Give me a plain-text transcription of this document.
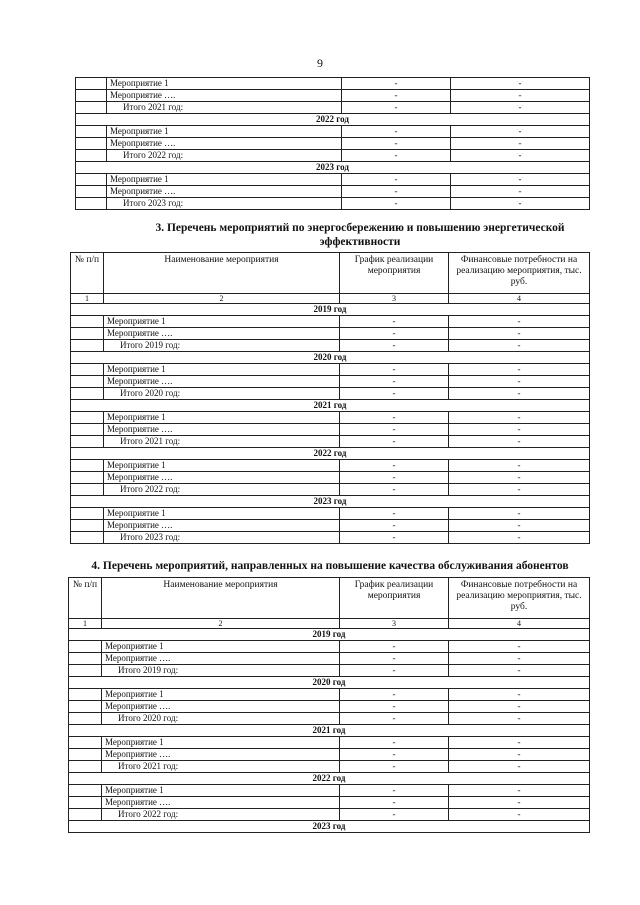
9
	Мероприятие 1	-	-
	Мероприятие ….	-	-
	Итого 2021 год:	-	-
2022 год			
	Мероприятие 1	-	-
	Мероприятие ….	-	-
	Итого 2022 год:	-	-
2023 год			
	Мероприятие 1	-	-
	Мероприятие ….	-	-
	Итого 2023 год:	-	-
3. Перечень мероприятий по энергосбережению и повышению энергетической эффективности
№ п/п	Наименование мероприятия	График реализации мероприятия	Финансовые потребности на реализацию мероприятия, тыс. руб.
1	2	3	4
2019 год			
	Мероприятие 1	-	-
	Мероприятие ….	-	-
	Итого 2019 год:	-	-
2020 год			
	Мероприятие 1	-	-
	Мероприятие ….	-	-
	Итого 2020 год:	-	-
2021 год			
	Мероприятие 1	-	-
	Мероприятие ….	-	-
	Итого 2021 год:	-	-
2022 год			
	Мероприятие 1	-	-
	Мероприятие ….	-	-
	Итого 2022 год:	-	-
2023 год			
	Мероприятие 1	-	-
	Мероприятие ….	-	-
	Итого 2023 год:	-	-
4. Перечень мероприятий, направленных на повышение качества обслуживания абонентов
№ п/п	Наименование мероприятия	График реализации мероприятия	Финансовые потребности на реализацию мероприятия, тыс. руб.
1	2	3	4
2019 год			
	Мероприятие 1	-	-
	Мероприятие ….	-	-
	Итого 2019 год:	-	-
2020 год			
	Мероприятие 1	-	-
	Мероприятие ….	-	-
	Итого 2020 год:	-	-
2021 год			
	Мероприятие 1	-	-
	Мероприятие ….	-	-
	Итого 2021 год:	-	-
2022 год			
	Мероприятие 1	-	-
	Мероприятие ….	-	-
	Итого 2022 год:	-	-
2023 год			
